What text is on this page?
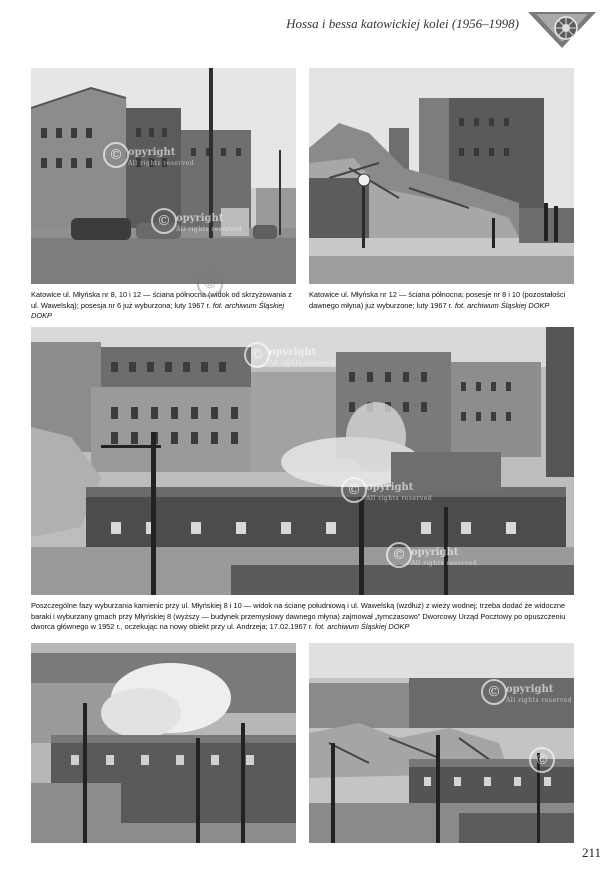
Hossa i bessa katowickiej kolei (1956–1998)
© opyright
All rights reserved
© opyright
All rights reserved
Katowice ul. Młyńska nr 8, 10 i 12 — ściana północna (widok od skrzyżowania z ul. Wawelską); posesja nr 6 już wyburzona; luty 1967 r. fot. archiwum Śląskiej DOKP
©
Katowice ul. Młyńska nr 12 — ściana północna; posesje nr 8 i 10 (pozostałości dawnego młyna) już wyburzone; luty 1967 r. fot. archiwum Śląskiej DOKP
© opyright
All rights reserved
© opyright
All rights reserved
© opyright
All rights reserved
Poszczególne fazy wyburzania kamienic przy ul. Młyńskiej 8 i 10 — widok na ścianę południową i ul. Wawelską (wzdłuż) z wieży wodnej; trzeba dodać że widoczne baraki i wyburzany gmach przy Młyńskiej 8 (wyższy — budynek przemysłowy dawnego młyna) zajmował „tymczasowo” Dworcowy Urząd Pocztowy po opuszczeniu dworca głównego w 1952 r., oczekując na nowy obiekt przy ul. Andrzeja; 17.02.1967 r. fot. archiwum Śląskiej DOKP
© opyright
All rights reserved
©
211
